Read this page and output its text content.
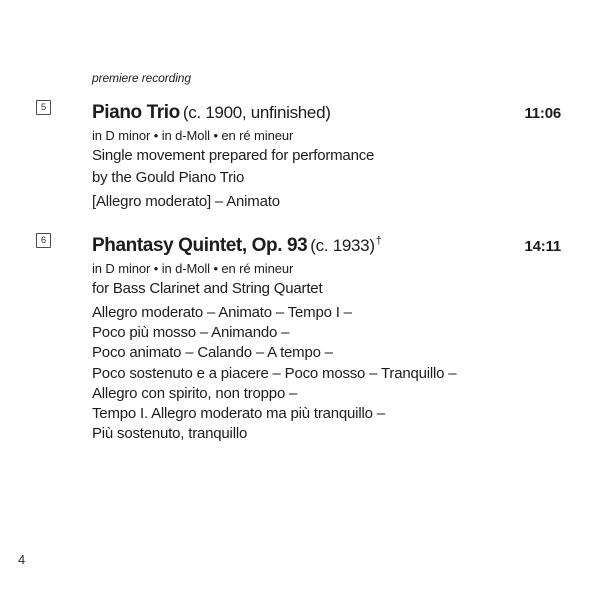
premiere recording
5 Piano Trio (c. 1900, unfinished)	11:06
in D minor • in d-Moll • en ré mineur
Single movement prepared for performance
by the Gould Piano Trio
[Allegro moderato] – Animato
6 Phantasy Quintet, Op. 93 (c. 1933)†	14:11
in D minor • in d-Moll • en ré mineur
for Bass Clarinet and String Quartet
Allegro moderato – Animato – Tempo I –
Poco più mosso – Animando –
Poco animato – Calando – A tempo –
Poco sostenuto e a piacere – Poco mosso – Tranquillo –
Allegro con spirito, non troppo –
Tempo I. Allegro moderato ma più tranquillo –
Più sostenuto, tranquillo
4
